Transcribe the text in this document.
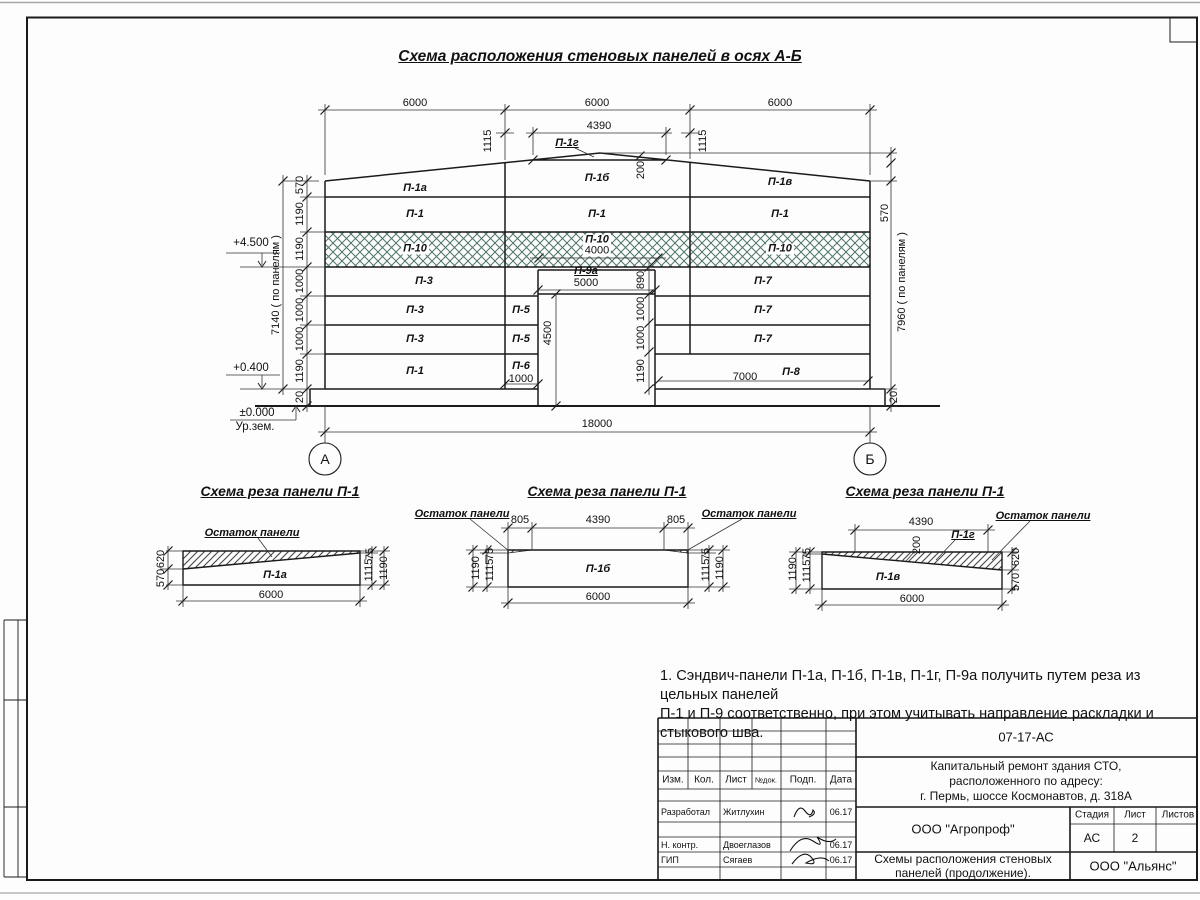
6000	6000	6000
4390
1115	1115
П-1г
200
570	П-1а
П-1б	П-1в
П-1	П-1	П-1
1190
П-10
П-10
4000	П-10
1190
П-3
П-9а
5000	П-7
1000
П-3	П-5	П-7
1000
П-3	П-5	П-7
1000
П-1	П-6
1000	7000 П-8
1190
20
4500
890
1000
1000
1190
7140 ( по панелям )
+4.500
+0.400
±0.000
Ур.зем.
570
7960 ( по панелям )
20
18000
А	Б
Схема реза панели П-1
Остаток панели
П-1а
620
570
75
1115 1190
6000
Схема реза панели П-1
Остаток панели	Остаток панели
805	4390	805
П-1б
75
1115
1190
75
1115 1190
6000
Схема реза панели П-1
4390	Остаток панели
200
П-1г
П-1в
75
1115
1190
620
570
6000
Схема расположения стеновых панелей в осях А-Б
1. Сэндвич-панели П-1а, П-1б, П-1в, П-1г, П-9а получить путем реза из цельных панелей
П-1 и П-9 соответственно, при этом учитывать направление раскладки и стыкового шва.	07-17-АС
Капитальный ремонт здания СТО,
расположенного по адресу:
г. Пермь, шоссе Космонавтов, д. 318А
Изм. Кол. Лист №док. Подп. Дата
Разработал Житлухин	06.17
Н. контр.	Двоеглазов	06.17
ГИП	Сягаев	06.17
ООО "Агропроф"
Стадия Лист Листов
АС	2
Схемы расположения стеновых
панелей (продолжение).	ООО "Альянс"
